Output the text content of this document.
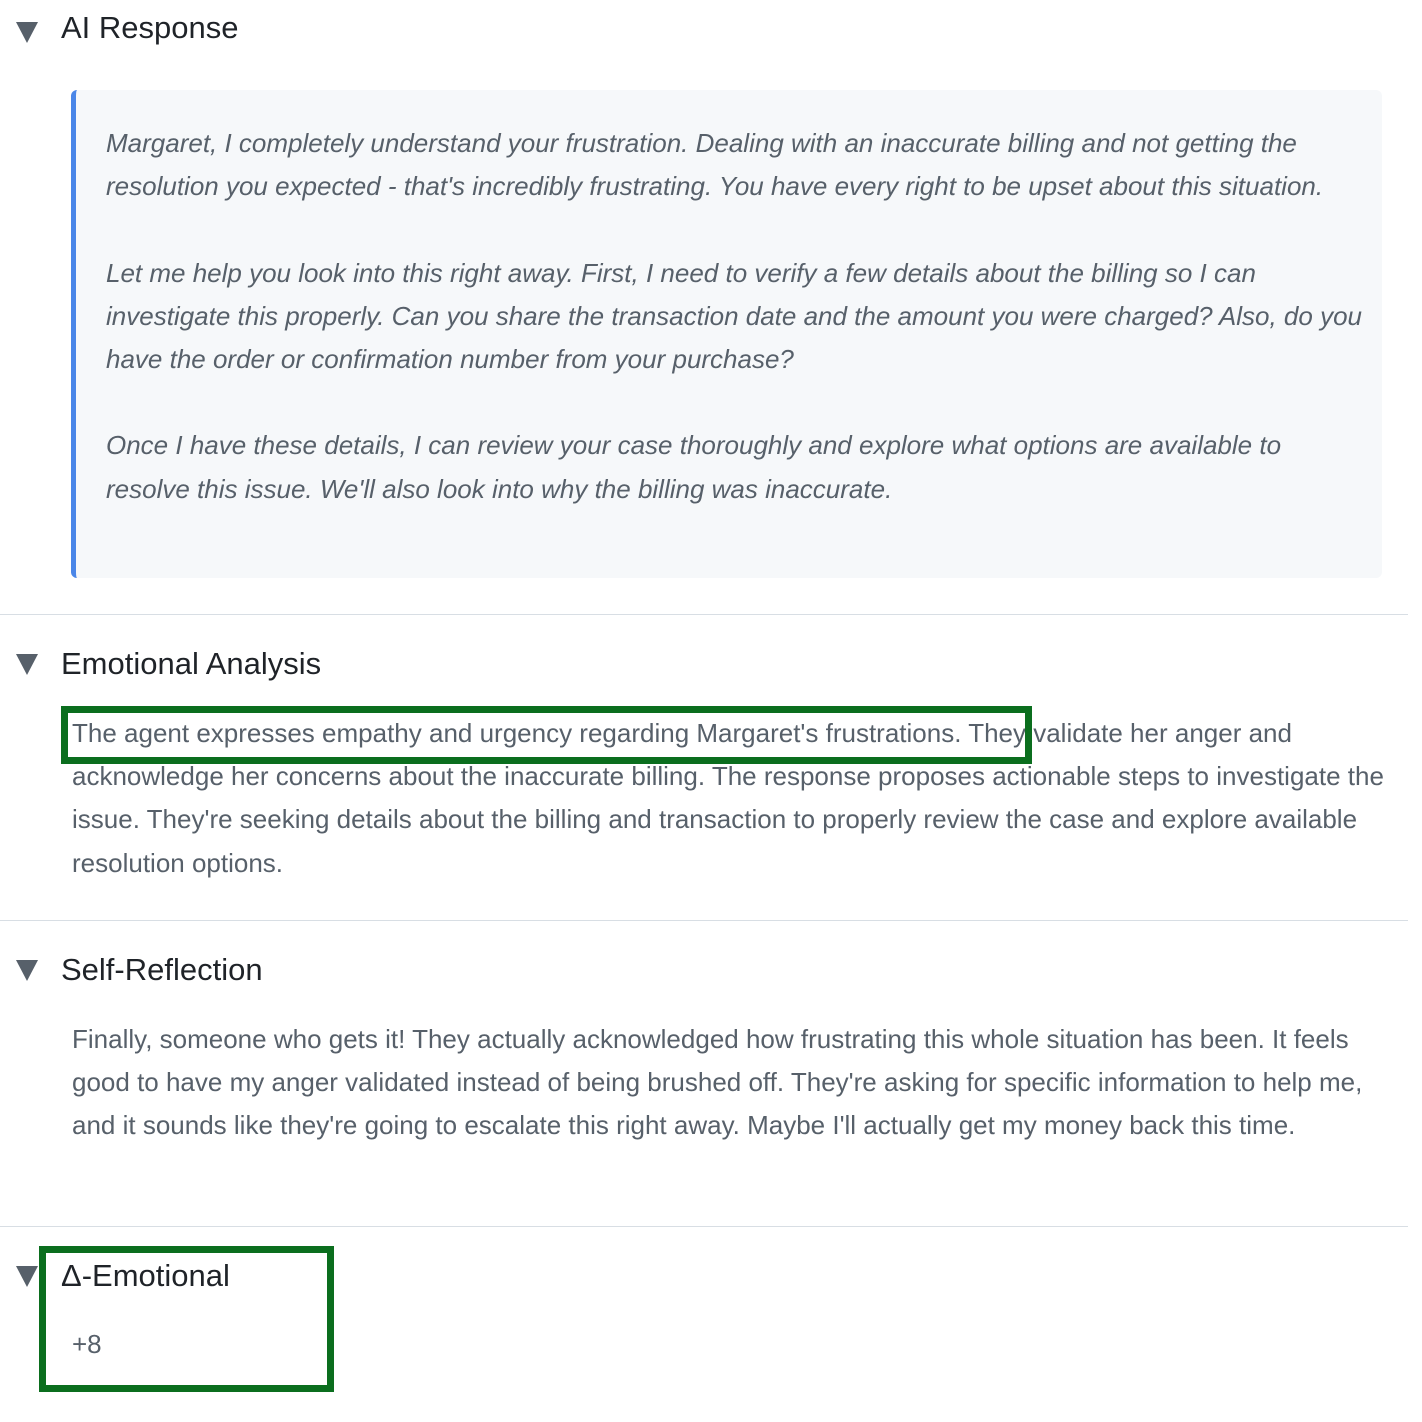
AI Response

Margaret, I completely understand your frustration. Dealing with an inaccurate billing and not getting the resolution you expected - that's incredibly frustrating. You have every right to be upset about this situation.

Let me help you look into this right away. First, I need to verify a few details about the billing so I can investigate this properly. Can you share the transaction date and the amount you were charged? Also, do you have the order or confirmation number from your purchase?

Once I have these details, I can review your case thoroughly and explore what options are available to resolve this issue. We'll also look into why the billing was inaccurate.

Emotional Analysis

The agent expresses empathy and urgency regarding Margaret's frustrations. They validate her anger and acknowledge her concerns about the inaccurate billing. The response proposes actionable steps to investigate the issue. They're seeking details about the billing and transaction to properly review the case and explore available resolution options.

Self-Reflection

Finally, someone who gets it! They actually acknowledged how frustrating this whole situation has been. It feels good to have my anger validated instead of being brushed off. They're asking for specific information to help me, and it sounds like they're going to escalate this right away. Maybe I'll actually get my money back this time.

Δ-Emotional
+8
